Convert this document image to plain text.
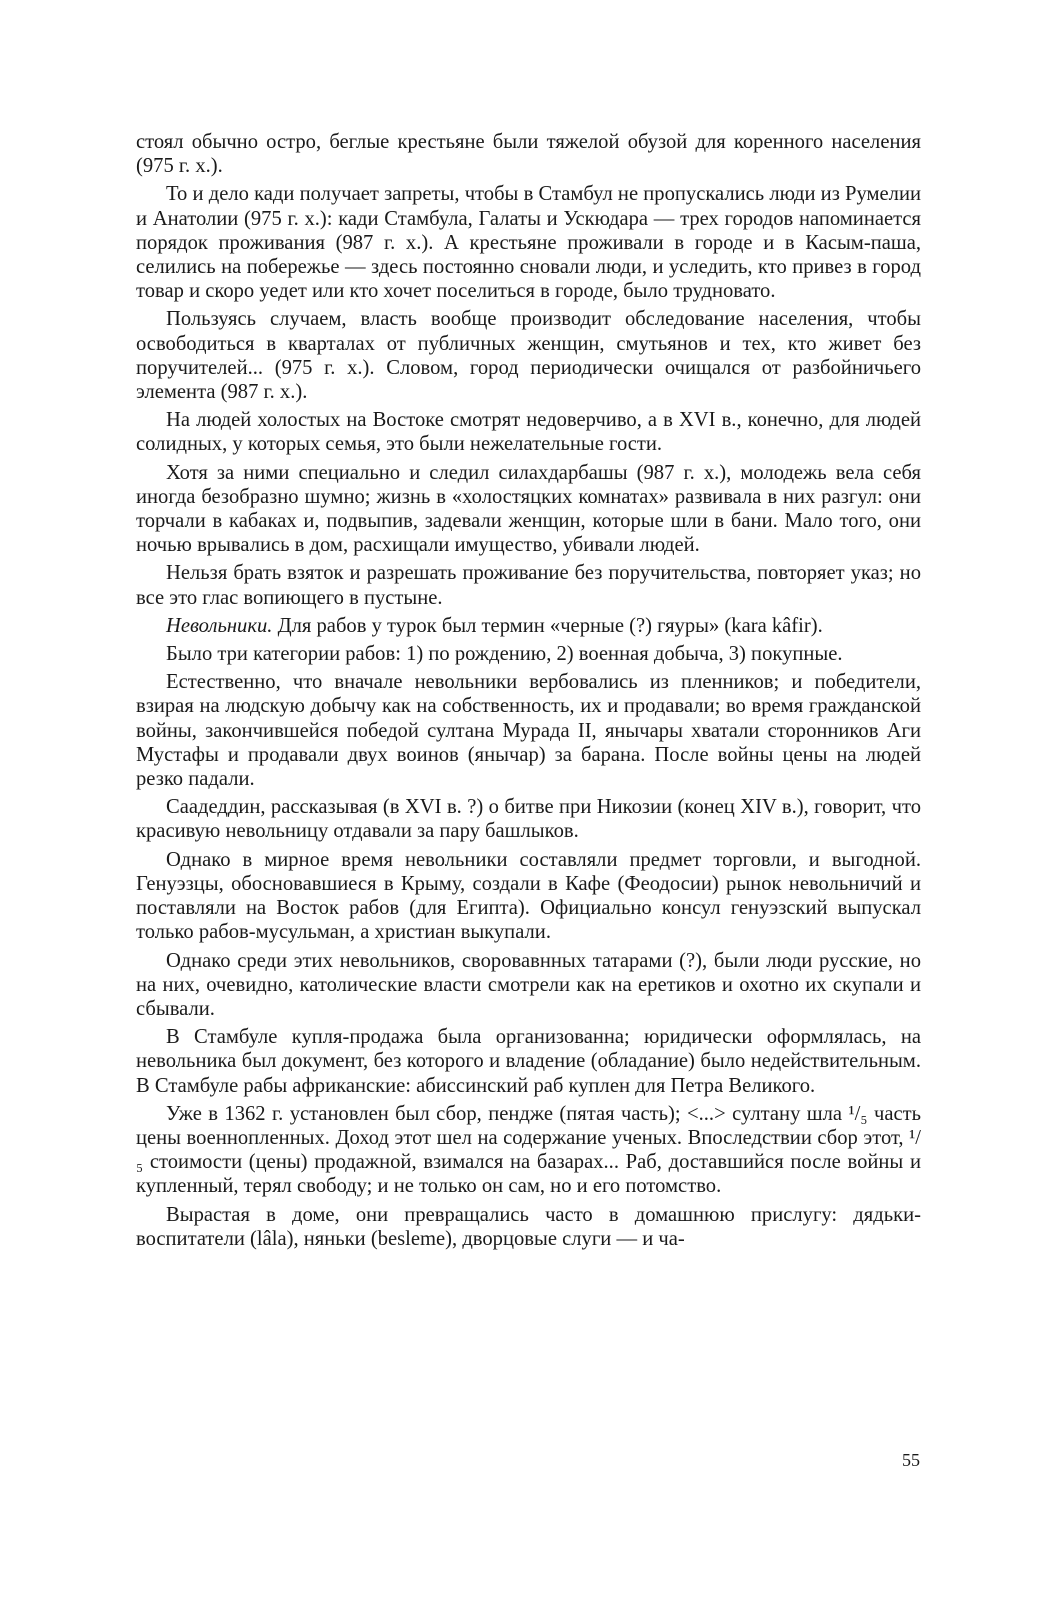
стоял обычно остро, беглые крестьяне были тяжелой обузой для коренного населения (975 г. х.).

То и дело кади получает запреты, чтобы в Стамбул не пропускались люди из Румелии и Анатолии (975 г. х.): кади Стамбула, Галаты и Ускюдара — трех городов напоминается порядок проживания (987 г. х.). А крестьяне проживали в городе и в Касым-паша, селились на побережье — здесь постоянно сновали люди, и уследить, кто привез в город товар и скоро уедет или кто хочет поселиться в городе, было трудновато.

Пользуясь случаем, власть вообще производит обследование населения, чтобы освободиться в кварталах от публичных женщин, смутьянов и тех, кто живет без поручителей... (975 г. х.). Словом, город периодически очищался от разбойничьего элемента (987 г. х.).

На людей холостых на Востоке смотрят недоверчиво, а в XVI в., конечно, для людей солидных, у которых семья, это были нежелательные гости.

Хотя за ними специально и следил силахдарбашы (987 г. х.), молодежь вела себя иногда безобразно шумно; жизнь в «холостяцких комнатах» развивала в них разгул: они торчали в кабаках и, подвыпив, задевали женщин, которые шли в бани. Мало того, они ночью врывались в дом, расхищали имущество, убивали людей.

Нельзя брать взяток и разрешать проживание без поручительства, повторяет указ; но все это глас вопиющего в пустыне.

Невольники. Для рабов у турок был термин «черные (?) гяуры» (kara kâfir).

Было три категории рабов: 1) по рождению, 2) военная добыча, 3) покупные.

Естественно, что вначале невольники вербовались из пленников; и победители, взирая на людскую добычу как на собственность, их и продавали; во время гражданской войны, закончившейся победой султана Мурада II, янычары хватали сторонников Аги Мустафы и продавали двух воинов (янычар) за барана. После войны цены на людей резко падали.

Саадеддин, рассказывая (в XVI в. ?) о битве при Никозии (конец XIV в.), говорит, что красивую невольницу отдавали за пару башлыков.

Однако в мирное время невольники составляли предмет торговли, и выгодной. Генуэзцы, обосновавшиеся в Крыму, создали в Кафе (Феодосии) рынок невольничий и поставляли на Восток рабов (для Египта). Официально консул генуэзский выпускал только рабов-мусульман, а христиан выкупали.

Однако среди этих невольников, своровавнных татарами (?), были люди русские, но на них, очевидно, католические власти смотрели как на еретиков и охотно их скупали и сбывали.

В Стамбуле купля-продажа была организованна; юридически оформлялась, на невольника был документ, без которого и владение (обладание) было недействительным. В Стамбуле рабы африканские: абиссинский раб куплен для Петра Великого.

Уже в 1362 г. установлен был сбор, пендже (пятая часть); <...> султану шла ¹/₅ часть цены военнопленных. Доход этот шел на содержание ученых. Впоследствии сбор этот, ¹/₅ стоимости (цены) продажной, взимался на базарах... Раб, доставшийся после войны и купленный, терял свободу; и не только он сам, но и его потомство.

Вырастая в доме, они превращались часто в домашнюю прислугу: дядьки-воспитатели (lâla), няньки (besleme), дворцовые слуги — и ча-

55
